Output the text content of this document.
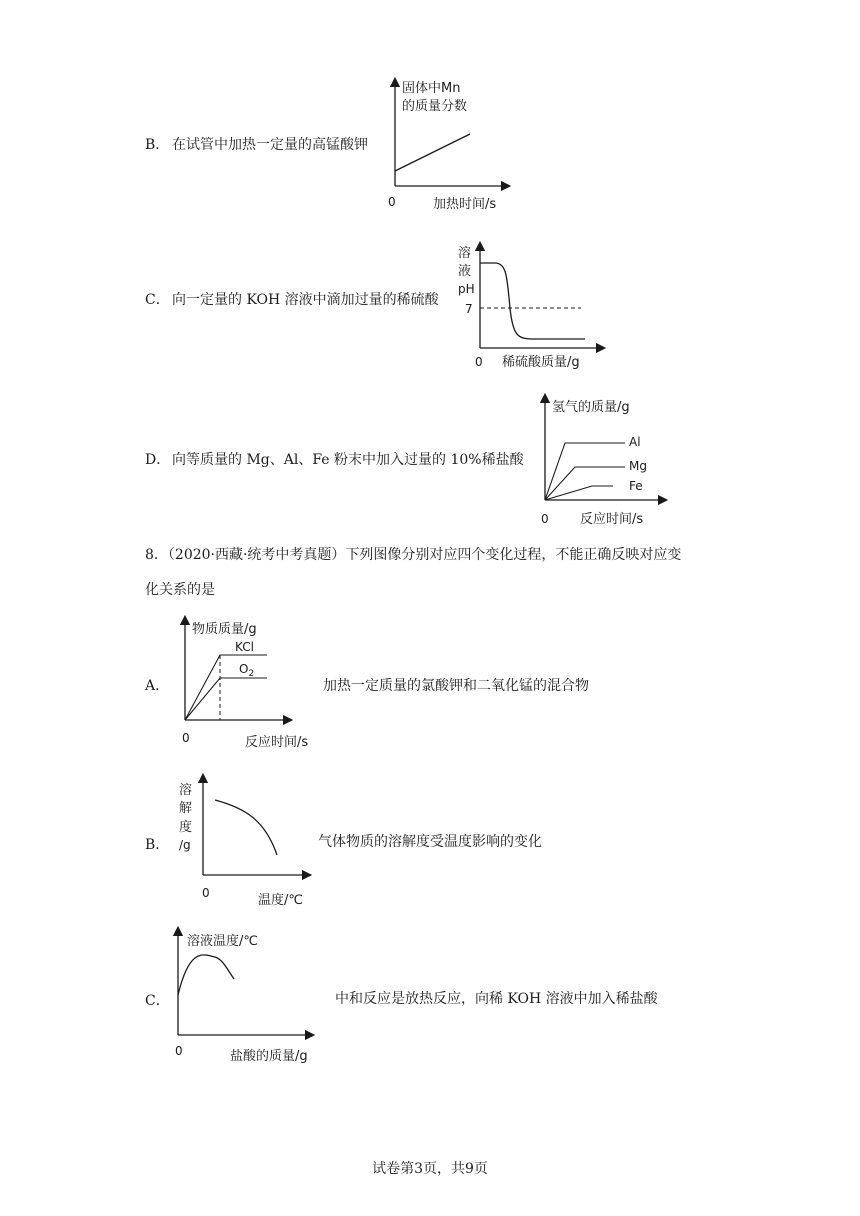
B． 在试管中加热一定量的高锰酸钾
固体中Mn
的质量分数
0	加热时间/s
C． 向一定量的 KOH 溶液中滴加过量的稀硫酸
溶
液
pH
7
0 稀硫酸质量/g
D． 向等质量的 Mg、Al、Fe 粉末中加入过量的 10%稀盐酸
氢气的质量/g
Al
Mg
Fe
0 反应时间/s
8．（2020·西藏·统考中考真题）下列图像分别对应四个变化过程，不能正确反映对应变
化关系的是
A．	加热一定质量的氯酸钾和二氧化锰的混合物
物质质量/g
KCl
$O_2$
0	反应时间/s
B．	气体物质的溶解度受温度影响的变化
溶
解
度
/g
0	温度/℃
C．	中和反应是放热反应，向稀 KOH 溶液中加入稀盐酸
溶液温度/℃
0	盐酸的质量/g
试卷第3页，共9页
